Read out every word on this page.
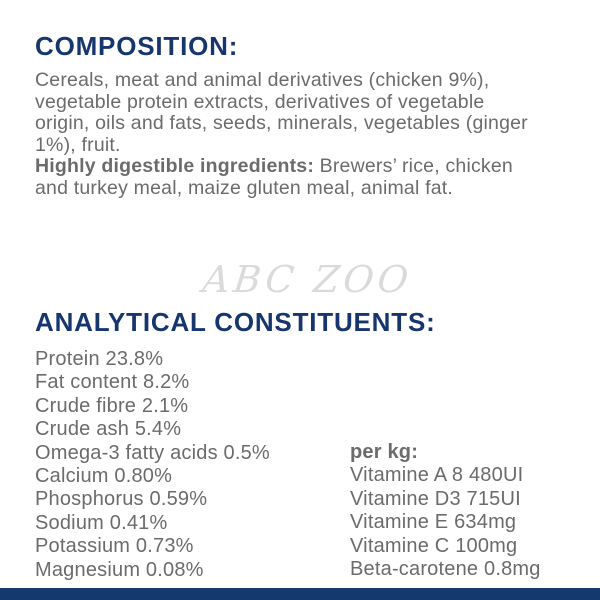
COMPOSITION:
Cereals, meat and animal derivatives (chicken 9%),
vegetable protein extracts, derivatives of vegetable
origin, oils and fats, seeds, minerals, vegetables (ginger
1%), fruit.
Highly digestible ingredients: Brewers’ rice, chicken
and turkey meal, maize gluten meal, animal fat.
ABC ZOO
ANALYTICAL CONSTITUENTS:
Protein 23.8%
Fat content 8.2%
Crude fibre 2.1%
Crude ash 5.4%
Omega-3 fatty acids 0.5%
Calcium 0.80%
Phosphorus 0.59%
Sodium 0.41%
Potassium 0.73%
Magnesium 0.08%
per kg:
Vitamine A 8 480UI
Vitamine D3 715UI
Vitamine E 634mg
Vitamine C 100mg
Beta-carotene 0.8mg
